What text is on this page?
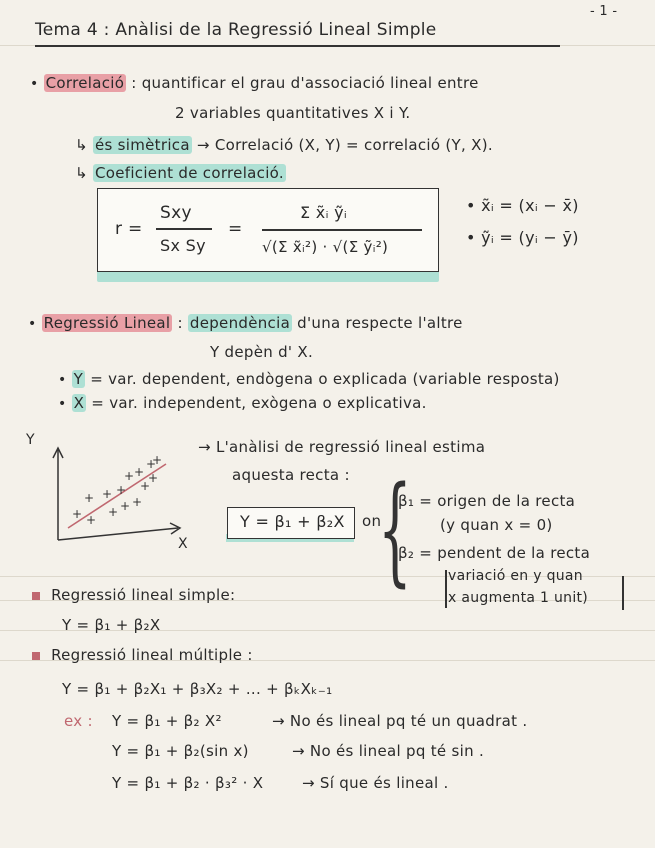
- 1 -
Tema 4 : Anàlisi de la Regressió Lineal Simple
• Correlació : quantificar el grau d'associació lineal entre
2 variables quantitatives X i Y.
↳ és simètrica → Correlació (X, Y) = correlació (Y, X).
↳ Coeficient de correlació.
r =
Sxy
Sx Sy
=
Σ x̃ᵢ ỹᵢ
√(Σ x̃ᵢ²) · √(Σ ỹᵢ²)
• x̃ᵢ = (xᵢ − x̄)
• ỹᵢ = (yᵢ − ȳ)
• Regressió Lineal : dependència d'una respecte l'altre
Y depèn d' X.
• Y = var. dependent, endògena o explicada (variable resposta)
• X = var. independent, exògena o explicativa.
+ +
+ + +
+ +
+
+
+
+ +
+
+
Y
X
→ L'anàlisi de regressió lineal estima
aquesta recta :
Y = β₁ + β₂X on
{
β₁ = origen de la recta
(y quan x = 0)
β₂ = pendent de la recta
variació en y quan
x augmenta 1 unit)
Regressió lineal simple:
Y = β₁ + β₂X
Regressió lineal múltiple :
Y = β₁ + β₂X₁ + β₃X₂ + ... + βₖXₖ₋₁
ex : Y = β₁ + β₂ X²	→ No és lineal pq té un quadrat .
Y = β₁ + β₂(sin x)	→ No és lineal pq té sin .
Y = β₁ + β₂ · β₃² · X	→ Sí que és lineal .
